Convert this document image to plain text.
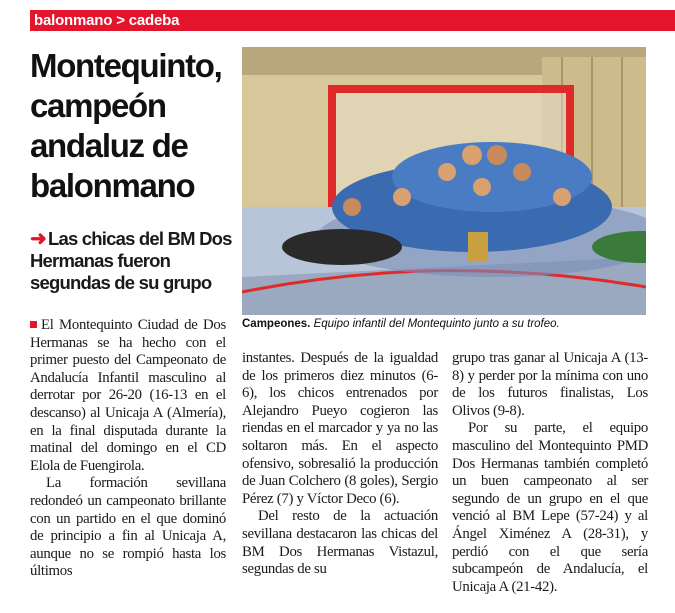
balonmano > cadeba
Montequinto, campeón andaluz de balonmano
➜ Las chicas del BM Dos Hermanas fueron segundas de su grupo
Campeones. Equipo infantil del Montequinto junto a su trofeo.

El Montequinto Ciudad de Dos Hermanas se ha hecho con el primer puesto del Campeonato de Andalucía Infantil masculino al derrotar por 26-20 (16-13 en el descanso) al Unicaja A (Almería), en la final disputada durante la matinal del domingo en el CD Elola de Fuengirola.

La formación sevillana redondeó un campeonato brillante con un partido en el que dominó de principio a fin al Unicaja A, aunque no se rompió hasta los últimos

instantes. Después de la igualdad de los primeros diez minutos (6-6), los chicos entrenados por Alejandro Pueyo cogieron las riendas en el marcador y ya no las soltaron más. En el aspecto ofensivo, sobresalió la producción de Juan Colchero (8 goles), Sergio Pérez (7) y Víctor Deco (6).

Del resto de la actuación sevillana destacaron las chicas del BM Dos Hermanas Vistazul, segundas de su

grupo tras ganar al Unicaja A (13-8) y perder por la mínima con uno de los futuros finalistas, Los Olivos (9-8).

Por su parte, el equipo masculino del Montequinto PMD Dos Hermanas también completó un buen campeonato al ser segundo de un grupo en el que venció al BM Lepe (57-24) y al Ángel Ximénez A (28-31), y perdió con el que sería subcampeón de Andalucía, el Unicaja A (21-42).
